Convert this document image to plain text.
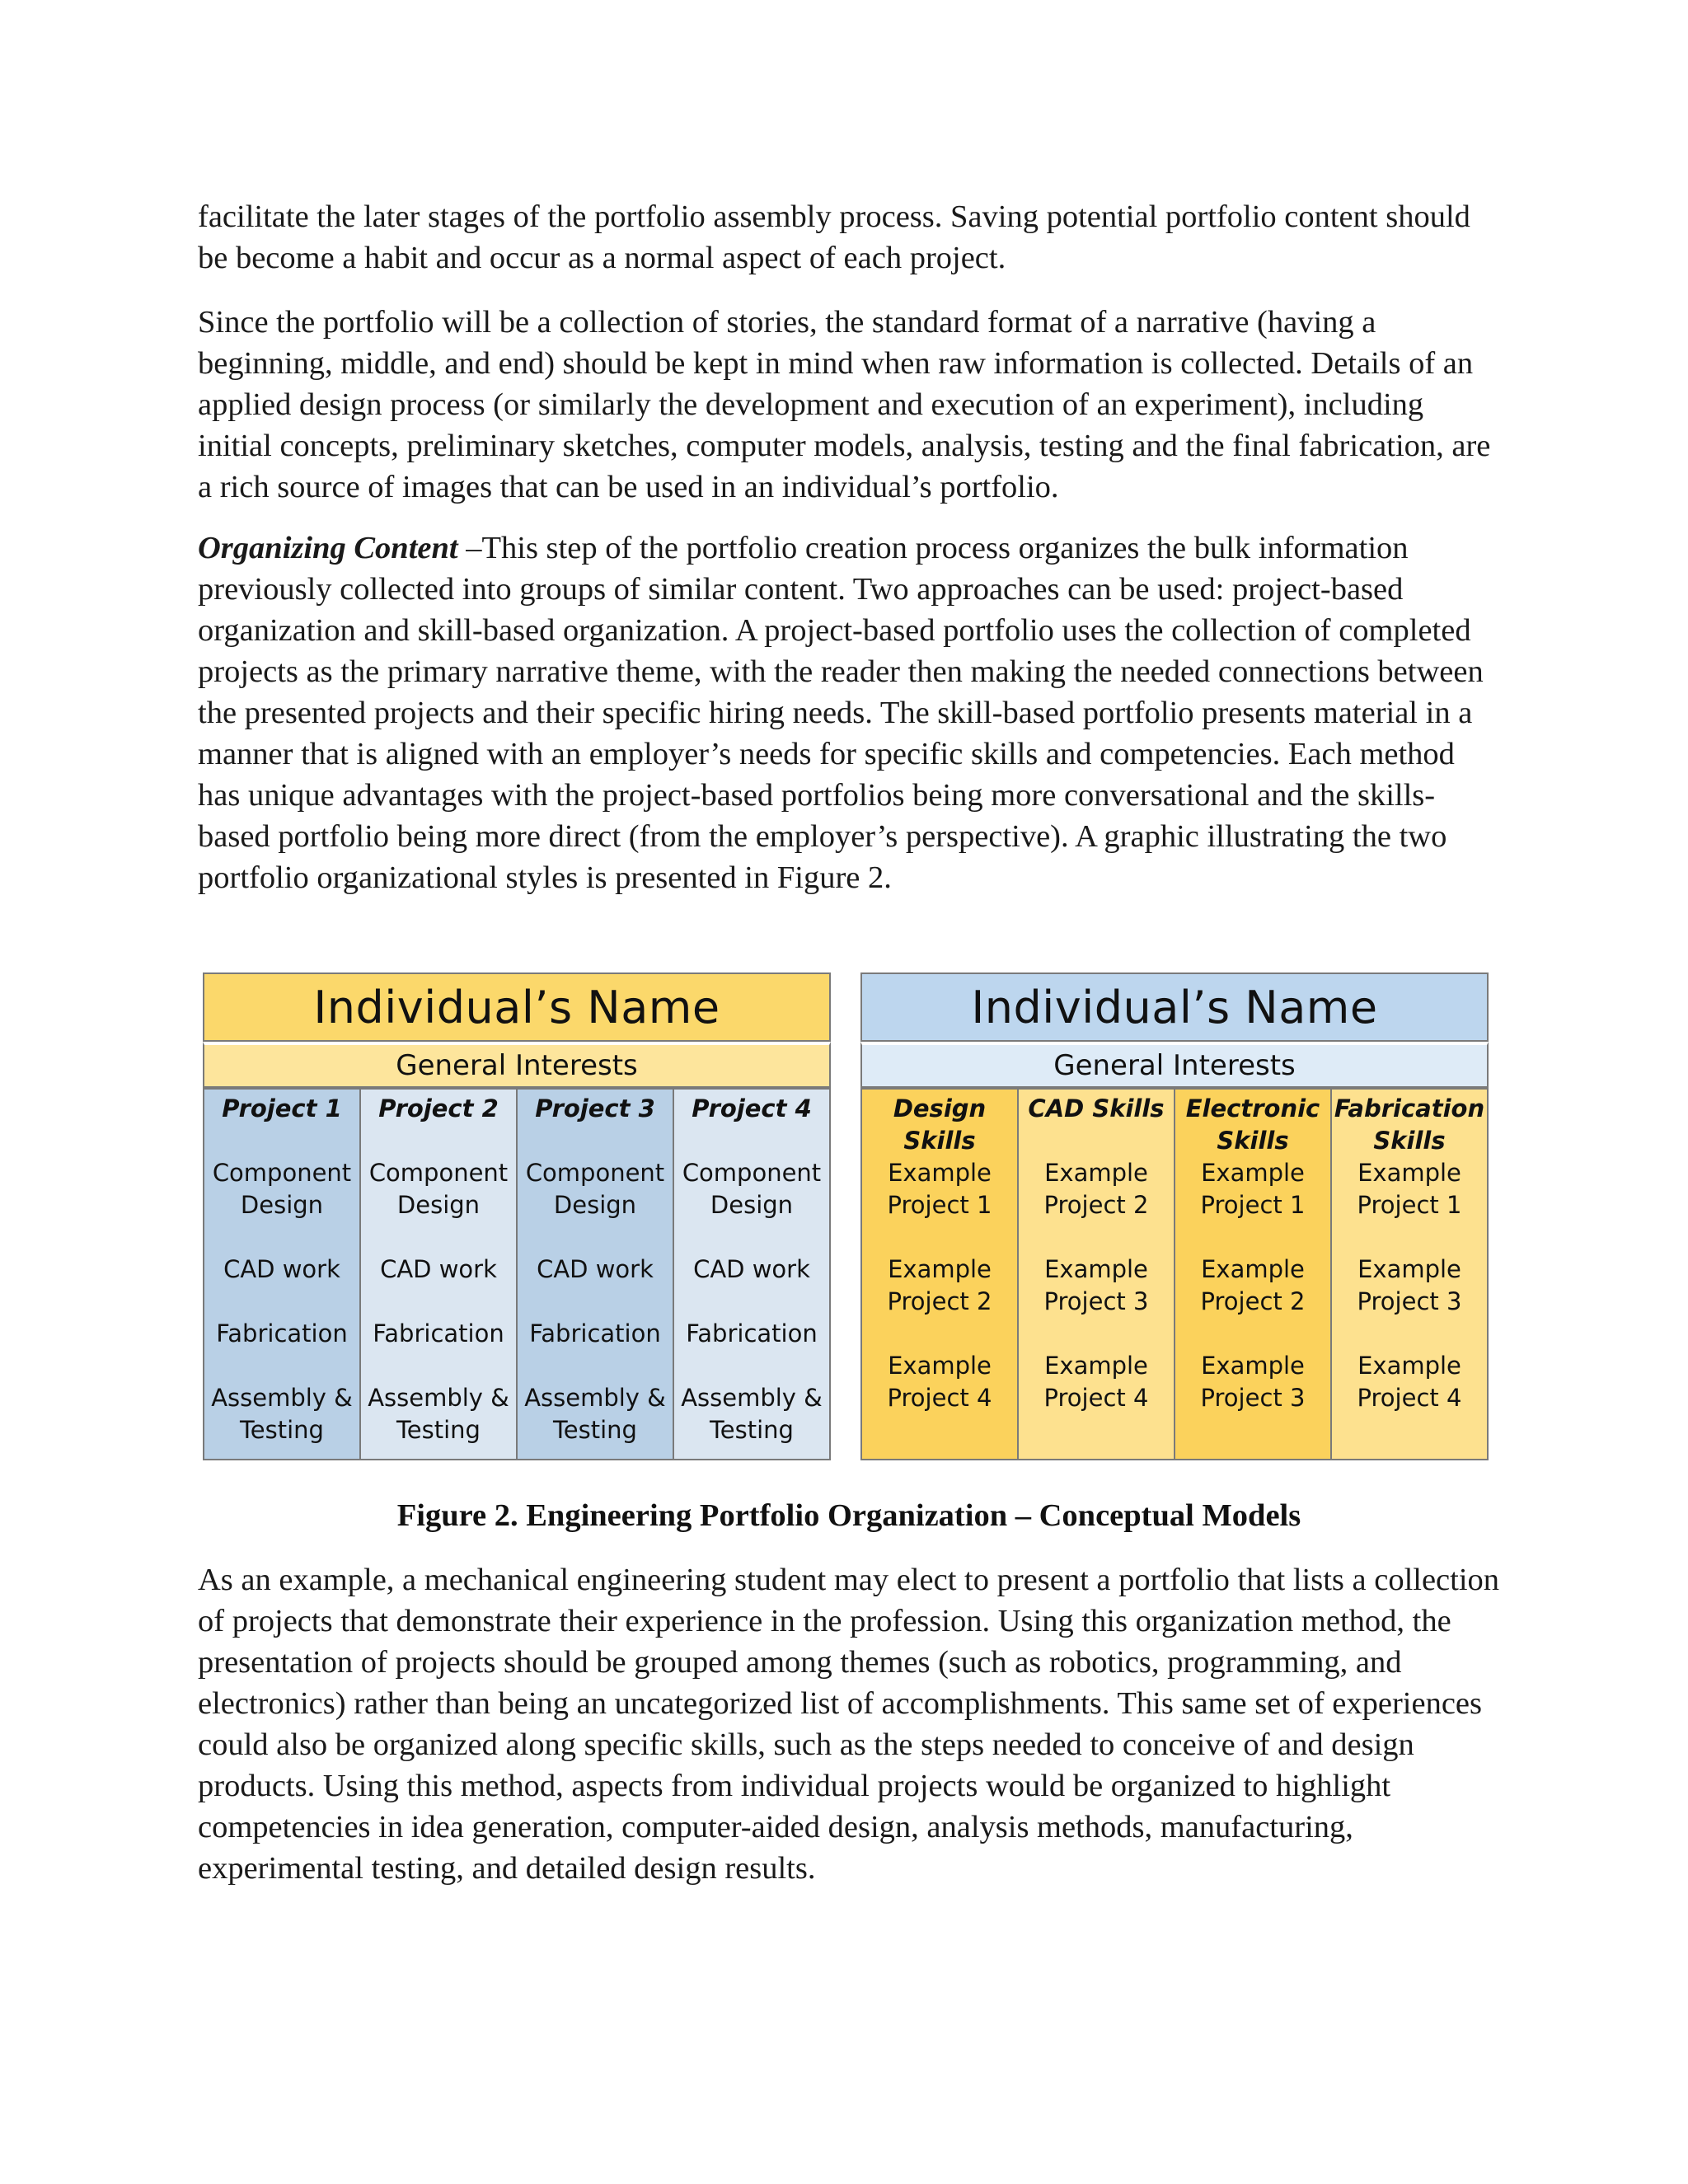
facilitate the later stages of the portfolio assembly process. Saving potential portfolio content should be become a habit and occur as a normal aspect of each project.

Since the portfolio will be a collection of stories, the standard format of a narrative (having a beginning, middle, and end) should be kept in mind when raw information is collected. Details of an applied design process (or similarly the development and execution of an experiment), including initial concepts, preliminary sketches, computer models, analysis, testing and the final fabrication, are a rich source of images that can be used in an individual’s portfolio.

Organizing Content –This step of the portfolio creation process organizes the bulk information previously collected into groups of similar content. Two approaches can be used: project-based organization and skill-based organization. A project-based portfolio uses the collection of completed projects as the primary narrative theme, with the reader then making the needed connections between the presented projects and their specific hiring needs. The skill-based portfolio presents material in a manner that is aligned with an employer’s needs for specific skills and competencies. Each method has unique advantages with the project-based portfolios being more conversational and the skills-based portfolio being more direct (from the employer’s perspective). A graphic illustrating the two portfolio organizational styles is presented in Figure 2.

Individual’s Name
General Interests
Project 1
Component Design
CAD work
Fabrication
Assembly & Testing
Project 2
Component Design
CAD work
Fabrication
Assembly & Testing
Project 3
Component Design
CAD work
Fabrication
Assembly & Testing
Project 4
Component Design
CAD work
Fabrication
Assembly & Testing
Individual’s Name
General Interests
Design Skills
Example Project 1
Example Project 2
Example Project 4
CAD Skills
Example Project 2
Example Project 3
Example Project 4
Electronic Skills
Example Project 1
Example Project 2
Example Project 3
Fabrication Skills
Example Project 1
Example Project 3
Example Project 4
Figure 2. Engineering Portfolio Organization – Conceptual Models

As an example, a mechanical engineering student may elect to present a portfolio that lists a collection of projects that demonstrate their experience in the profession. Using this organization method, the presentation of projects should be grouped among themes (such as robotics, programming, and electronics) rather than being an uncategorized list of accomplishments. This same set of experiences could also be organized along specific skills, such as the steps needed to conceive of and design products. Using this method, aspects from individual projects would be organized to highlight competencies in idea generation, computer-aided design, analysis methods, manufacturing, experimental testing, and detailed design results.
